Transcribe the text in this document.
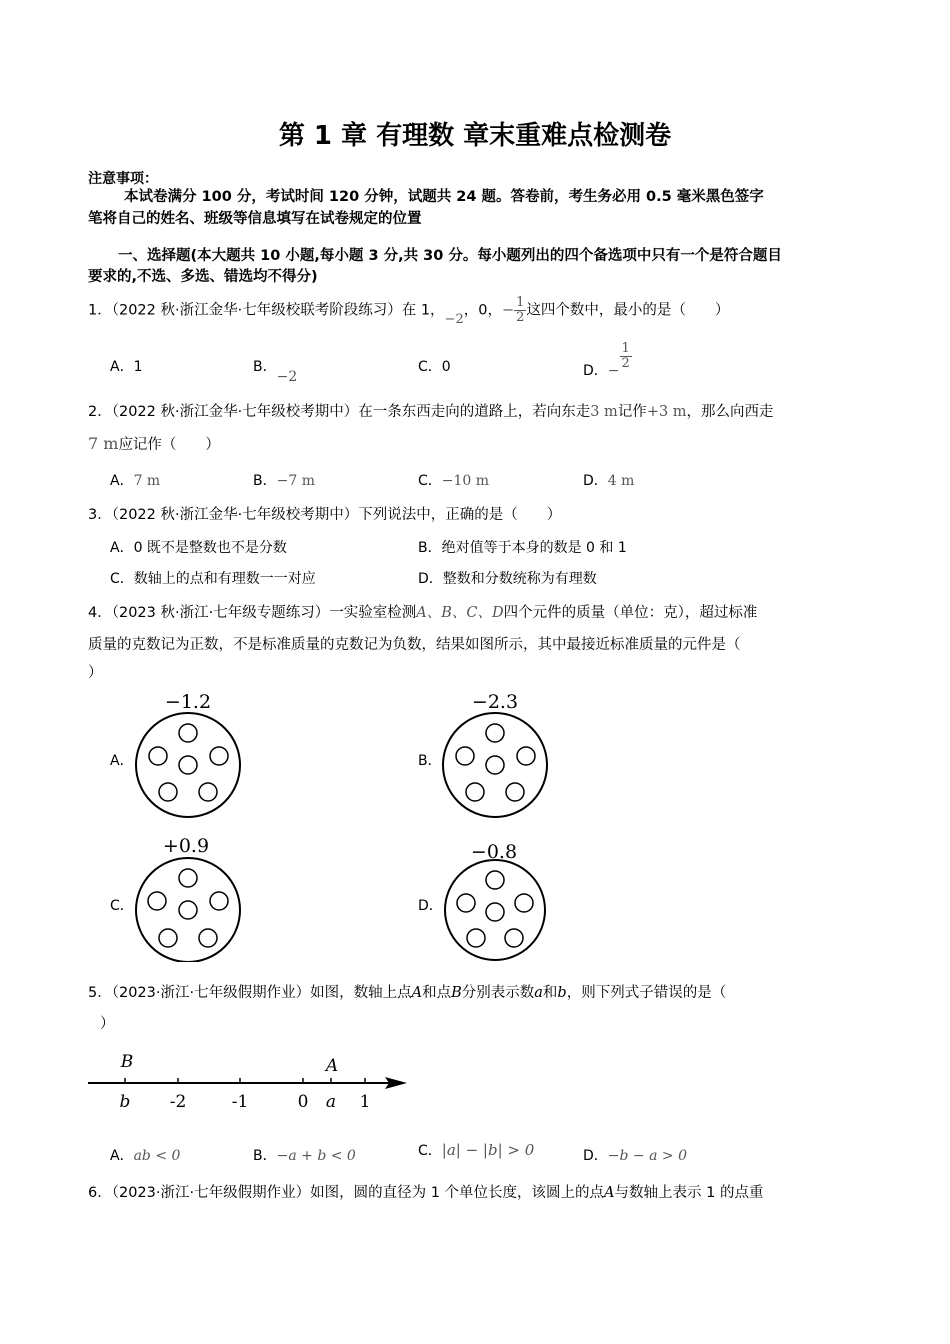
第 1 章 有理数 章末重难点检测卷
注意事项：
本试卷满分 100 分，考试时间 120 分钟，试题共 24 题。答卷前，考生务必用 0.5 毫米黑色签字
笔将自己的姓名、班级等信息填写在试卷规定的位置
一、选择题(本大题共 10 小题,每小题 3 分,共 30 分。每小题列出的四个备选项中只有一个是符合题目
要求的,不选、多选、错选均不得分)
1．（2022 秋·浙江金华·七年级校联考阶段练习）在 1，−2，0，− $\frac{1}{2}$ 这四个数中，最小的是（　　）
A．1	B．−2
C．0	D．− $\frac{1}{2}$
2．（2022 秋·浙江金华·七年级校考期中）在一条东西走向的道路上，若向东走3 m记作+3 m，那么向西走
7 m应记作（　　）
A．7 m	B．−7 m	C．−10 m	D．4 m
3．（2022 秋·浙江金华·七年级校考期中）下列说法中，正确的是（　　）
A．0 既不是整数也不是分数	B．绝对值等于本身的数是 0 和 1
C．数轴上的点和有理数一一对应	D．整数和分数统称为有理数
4．（2023 秋·浙江·七年级专题练习）一实验室检测A、B、C、D四个元件的质量（单位：克），超过标准
质量的克数记为正数，不是标准质量的克数记为负数，结果如图所示，其中最接近标准质量的元件是（
）
A．
−1.2
B．
−2.3
C．
+0.9
D．
−0.8
5．（2023·浙江·七年级假期作业）如图，数轴上点A和点B分别表示数a和b，则下列式子错误的是（
）
B	A
b -2	-1	0 a 1
A．ab < 0	B．−a + b < 0	C．|a| − |b| > 0	D．−b − a > 0
6．（2023·浙江·七年级假期作业）如图，圆的直径为 1 个单位长度，该圆上的点A与数轴上表示 1 的点重
